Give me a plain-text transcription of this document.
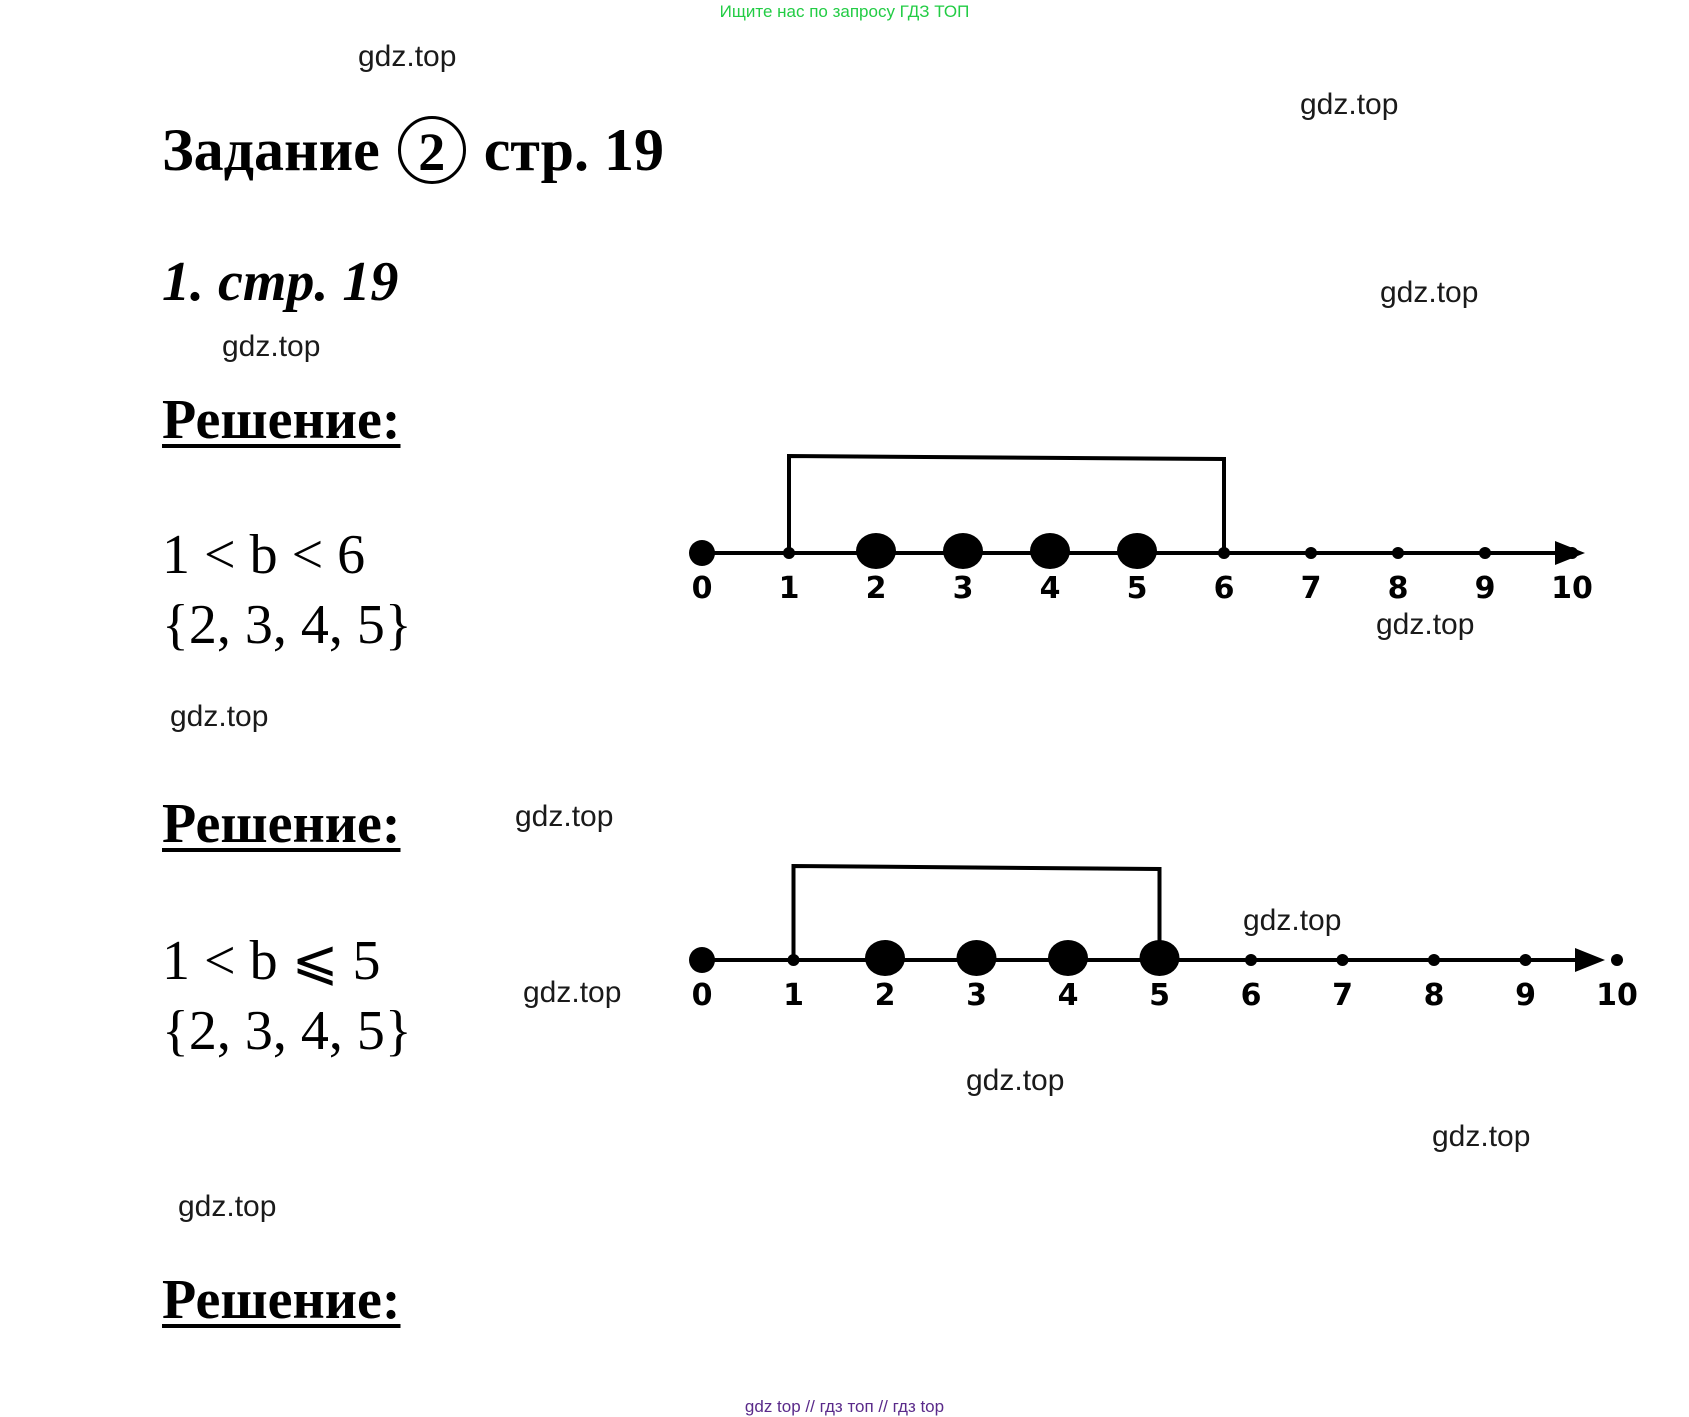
Ищите нас по запросу ГДЗ ТОП
gdz.top
gdz.top
gdz.top
gdz.top
gdz.top
gdz.top
gdz.top
gdz.top
gdz.top
gdz.top
gdz.top
gdz.top
Задание 2 стр. 19
1. стр. 19
Решение:
1 < b < 6
{2, 3, 4, 5}
Решение:
1 < b ⩽ 5
{2, 3, 4, 5}
Решение:
0 1 2 3 4 5 6 7 8 9 10
0 1 2 3 4 5 6 7 8 9 10
gdz top // гдз топ // гдз top
